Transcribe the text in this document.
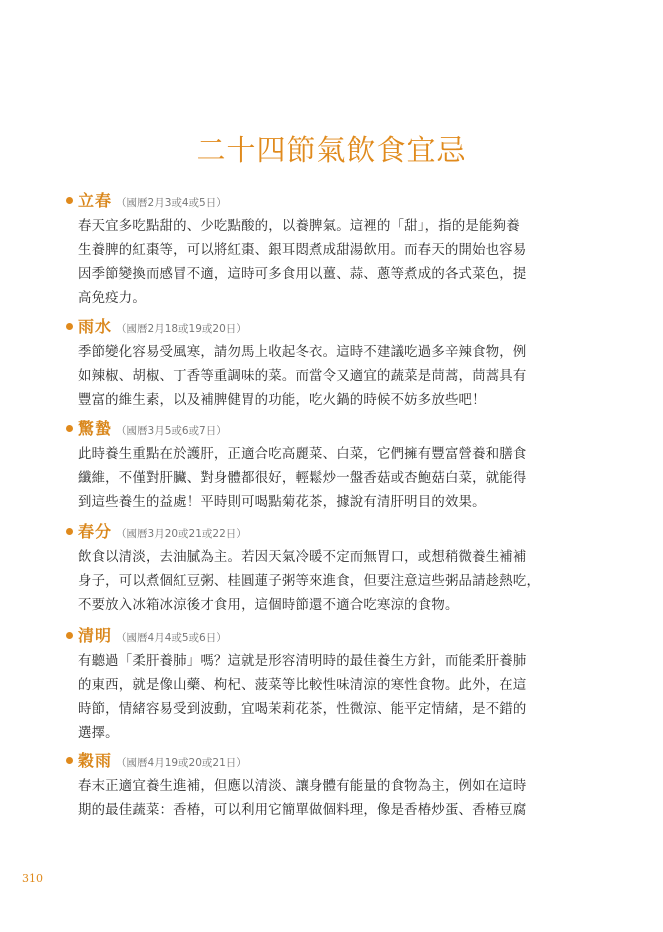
二十四節氣飲食宜忌
立春 （國曆2月3或4或5日）
春天宜多吃點甜的、少吃點酸的，以養脾氣。這裡的「甜」，指的是能夠養
生養脾的紅棗等，可以將紅棗、銀耳悶煮成甜湯飲用。而春天的開始也容易
因季節變換而感冒不適，這時可多食用以薑、蒜、蔥等煮成的各式菜色，提
高免疫力。
雨水 （國曆2月18或19或20日）
季節變化容易受風寒，請勿馬上收起冬衣。這時不建議吃過多辛辣食物，例
如辣椒、胡椒、丁香等重調味的菜。而當令又適宜的蔬菜是茼蒿，茼蒿具有
豐富的維生素，以及補脾健胃的功能，吃火鍋的時候不妨多放些吧！
驚蟄 （國曆3月5或6或7日）
此時養生重點在於護肝，正適合吃高麗菜、白菜，它們擁有豐富營養和膳食
纖維，不僅對肝臟、對身體都很好，輕鬆炒一盤香菇或杏鮑菇白菜，就能得
到這些養生的益處！平時則可喝點菊花茶，據說有清肝明目的效果。
春分 （國曆3月20或21或22日）
飲食以清淡，去油膩為主。若因天氣冷暖不定而無胃口，或想稍微養生補補
身子，可以煮個紅豆粥、桂圓蓮子粥等來進食，但要注意這些粥品請趁熱吃，
不要放入冰箱冰涼後才食用，這個時節還不適合吃寒涼的食物。
清明 （國曆4月4或5或6日）
有聽過「柔肝養肺」嗎？這就是形容清明時的最佳養生方針，而能柔肝養肺
的東西，就是像山藥、枸杞、菠菜等比較性味清涼的寒性食物。此外，在這
時節，情緒容易受到波動，宜喝茉莉花茶，性微涼、能平定情緒，是不錯的
選擇。
穀雨 （國曆4月19或20或21日）
春末正適宜養生進補，但應以清淡、讓身體有能量的食物為主，例如在這時
期的最佳蔬菜：香椿，可以利用它簡單做個料理，像是香椿炒蛋、香椿豆腐
310
